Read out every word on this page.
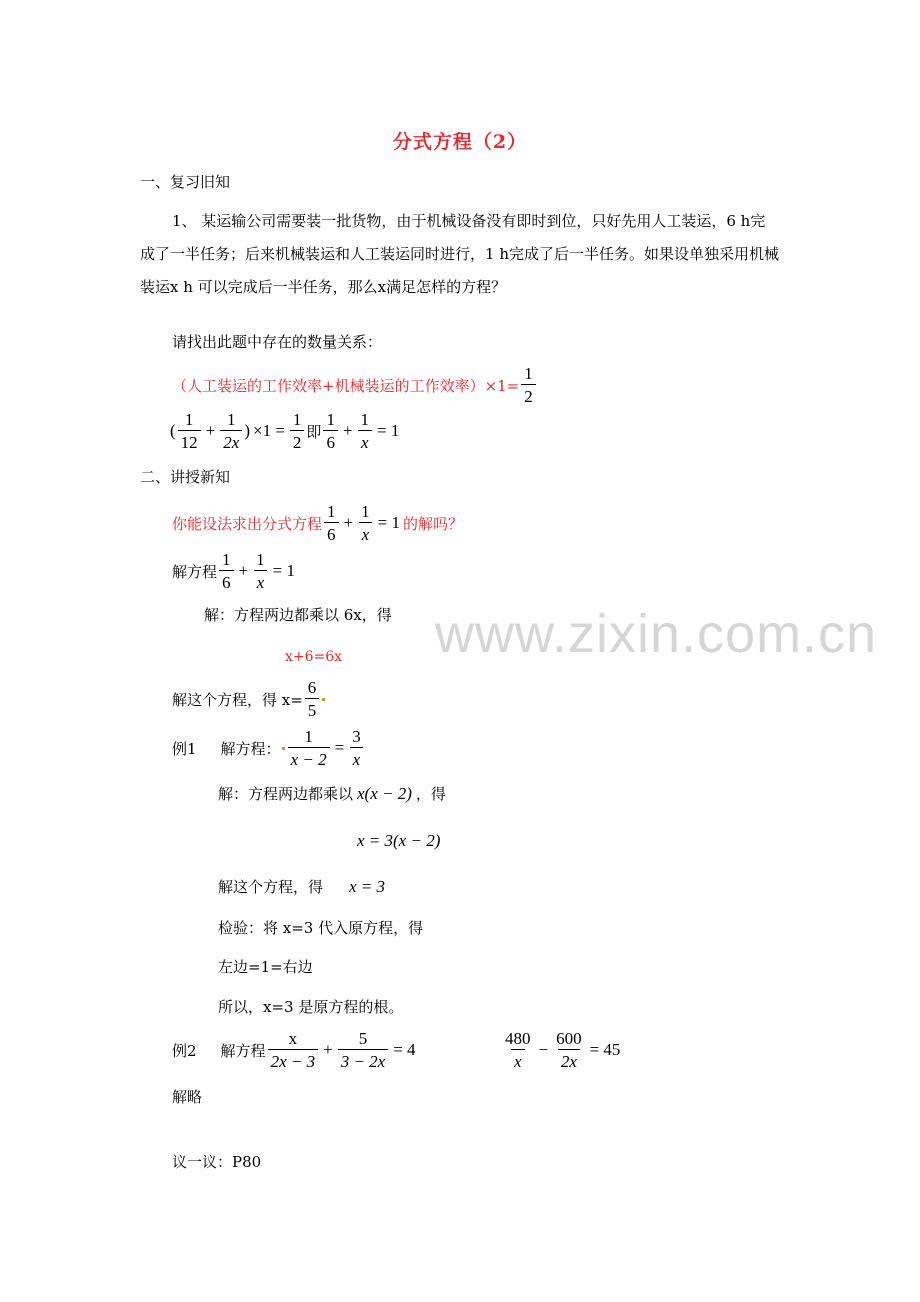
www.zixin.com.cn
分式方程（2）
一、复习旧知
1、 某运输公司需要装一批货物，由于机械设备没有即时到位，只好先用人工装运，6 h完成了一半任务；后来机械装运和人工装运同时进行，1 h完成了后一半任务。如果设单独采用机械装运x h 可以完成后一半任务，那么x满足怎样的方程？
请找出此题中存在的数量关系：
（人工装运的工作效率+机械装运的工作效率）$\times 1= \frac{1}{2}$
( $\frac{1}{12} + \frac{1}{2x}$ ) $\times 1 = \frac{1}{2}$ 即 $\frac{1}{6} + \frac{1}{x} = 1$
二、讲授新知
你能设法求出分式方程 $\frac{1}{6} + \frac{1}{x} = 1$ 的解吗？
解方程 $\frac{1}{6} + \frac{1}{x} = 1$
解：方程两边都乘以 6x，得
x+6=6x
解这个方程，得 $x= \frac{6}{5}$
例1 解方程： $\frac{1}{x - 2} = \frac{3}{x}$
解：方程两边都乘以 x(x − 2) ，得
x = 3(x − 2)
解这个方程，得 x = 3
检验：将 x=3 代入原方程，得
左边=1=右边
所以，x=3 是原方程的根。
例2 解方程 $\frac{x}{2x - 3} + \frac{5}{3 - 2x} = 4$	$\frac{480}{x} - \frac{600}{2x} = 45$
解略
议一议：P80
